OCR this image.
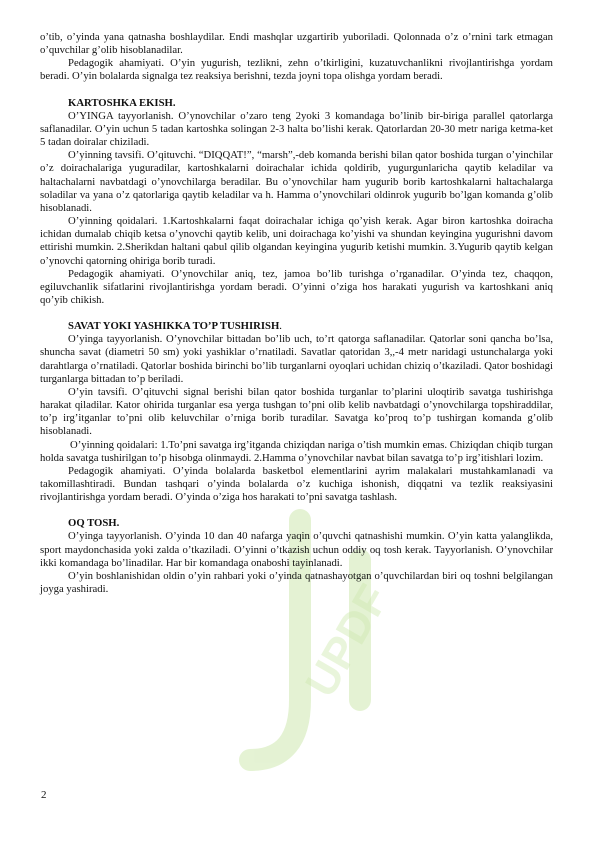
UPDF

o’tib, o’yinda yana qatnasha boshlaydilar. Endi mashqlar uzgartirib yuboriladi. Qolonnada o’z o’rnini tark etmagan o’quvchilar g’olib hisoblanadilar.

Pedagogik ahamiyati. O’yin yugurish, tezlikni, zehn o’tkirligini, kuzatuvchanlikni rivojlantirishga yordam beradi. O’yin bolalarda signalga tez reaksiya berishni, tezda joyni topa olishga yordam beradi.

KARTOSHKA EKISH.

O’YINGA tayyorlanish. O’ynovchilar o’zaro teng 2yoki 3 komandaga bo’linib bir-biriga parallel qatorlarga saflanadilar. O’yin uchun 5 tadan kartoshka solingan 2-3 halta bo’lishi kerak. Qatorlardan 20-30 metr nariga ketma-ket 5 tadan doiralar chiziladi.

O’yinning tavsifi. O’qituvchi. “DIQQAT!”, “marsh”,-deb komanda berishi bilan qator boshida turgan o’yinchilar o’z doirachalariga yuguradilar, kartoshkalarni doirachalar ichida qoldirib, yugurgunlaricha qaytib keladilar va haltachalarni navbatdagi o’ynovchilarga beradilar. Bu o’ynovchilar ham yugurib borib kartoshkalarni haltachalarga soladilar va yana o’z qatorlariga qaytib keladilar va h. Hamma o’ynovchilari oldinrok yugurib bo’lgan komanda g’olib hisoblanadi.

O’yinning qoidalari. 1.Kartoshkalarni faqat doirachalar ichiga qo’yish kerak. Agar biron kartoshka doiracha ichidan dumalab chiqib ketsa o’ynovchi qaytib kelib, uni doirachaga ko’yishi va shundan keyingina yugurishni davom ettirishi mumkin. 2.Sherikdan haltani qabul qilib olgandan keyingina yugurib ketishi mumkin. 3.Yugurib qaytib kelgan o’ynovchi qatorning ohiriga borib turadi.

Pedagogik ahamiyati. O’ynovchilar aniq, tez, jamoa bo’lib turishga o’rganadilar. O’yinda tez, chaqqon, egiluvchanlik sifatlarini rivojlantirishga yordam beradi. O’yinni o’ziga hos harakati yugurish va kartoshkani aniq qo’yib chikish.

SAVAT YOKI YASHIKKA TO’P TUSHIRISH.

O’yinga tayyorlanish. O’ynovchilar bittadan bo’lib uch, to’rt qatorga saflanadilar. Qatorlar soni qancha bo’lsa, shuncha savat (diametri 50 sm) yoki yashiklar o’rnatiladi. Savatlar qatoridan 3,,-4 metr naridagi ustunchalarga yoki darahtlarga o’rnatiladi. Qatorlar boshida birinchi bo’lib turganlarni oyoqlari uchidan chiziq o’tkaziladi. Qator boshidagi turganlarga bittadan to’p beriladi.

O’yin tavsifi. O’qituvchi signal berishi bilan qator boshida turganlar to’plarini uloqtirib savatga tushirishga harakat qiladilar. Kator ohirida turganlar esa yerga tushgan to’pni olib kelib navbatdagi o’ynovchilarga topshiraddilar, to’p irg’itganlar to’pni olib keluvchilar o’rniga borib turadilar. Savatga ko’proq to’p tushirgan komanda g’olib hisoblanadi.

O’yinning qoidalari: 1.To’pni savatga irg’itganda chiziqdan nariga o’tish mumkin emas. Chiziqdan chiqib turgan holda savatga tushirilgan to’p hisobga olinmaydi. 2.Hamma o’ynovchilar navbat bilan savatga to’p irg’itishlari lozim.

Pedagogik ahamiyati. O’yinda bolalarda basketbol elementlarini ayrim malakalari mustahkamlanadi va takomillashtiradi. Bundan tashqari o’yinda bolalarda o’z kuchiga ishonish, diqqatni va tezlik reaksiyasini rivojlantirishga yordam beradi. O’yinda o’ziga hos harakati to’pni savatga tashlash.

OQ TOSH.

O’yinga tayyorlanish. O’yinda 10 dan 40 nafarga yaqin o’quvchi qatnashishi mumkin. O’yin katta yalanglikda, sport maydonchasida yoki zalda o’tkaziladi. O’yinni o’tkazish uchun oddiy oq tosh kerak. Tayyorlanish. O’ynovchilar ikki komandaga bo’linadilar. Har bir komandaga onaboshi tayinlanadi.

O’yin boshlanishidan oldin o’yin rahbari yoki o’yinda qatnashayotgan o’quvchilardan biri oq toshni belgilangan joyga yashiradi.

2
